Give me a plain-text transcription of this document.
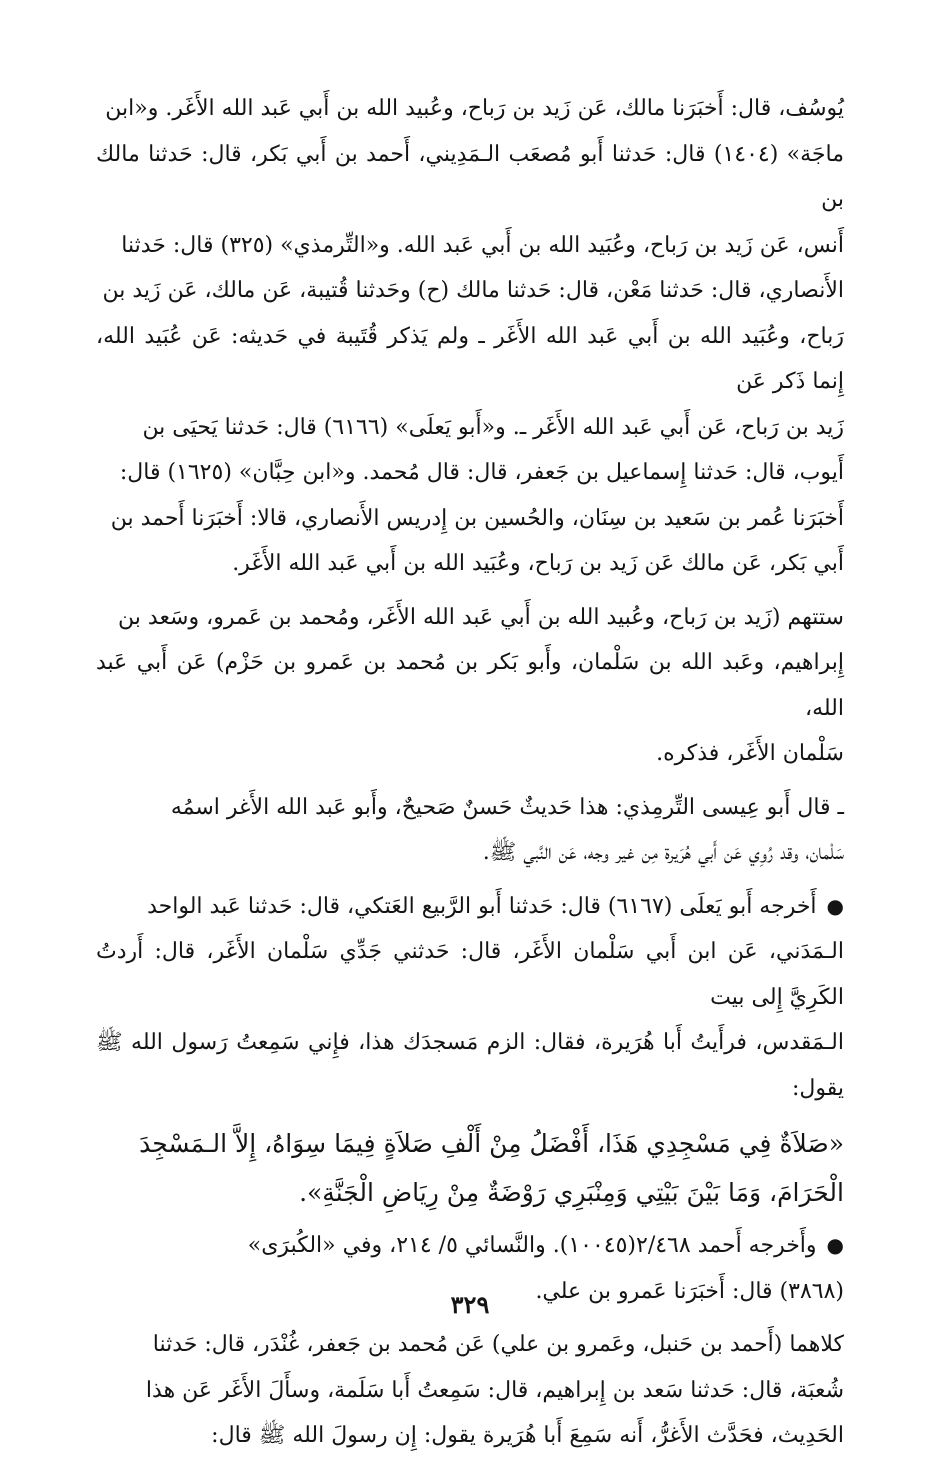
يُوسُف، قال: أَخبَرَنا مالك، عَن زَيد بن رَباح، وعُبيد الله بن أَبي عَبد الله الأَغَر. و«ابن
ماجَة» (١٤٠٤) قال: حَدثنا أَبو مُصعَب الـمَدِيني، أَحمد بن أَبي بَكر، قال: حَدثنا مالك بن
أَنس، عَن زَيد بن رَباح، وعُبَيد الله بن أَبي عَبد الله. و«التِّرمذي» (٣٢٥) قال: حَدثنا
الأَنصاري، قال: حَدثنا مَعْن، قال: حَدثنا مالك (ح) وحَدثنا قُتيبة، عَن مالك، عَن زَيد بن
رَباح، وعُبَيد الله بن أَبي عَبد الله الأَغَر ـ ولم يَذكر قُتَيبة في حَديثه: عَن عُبَيد الله، إِنما ذَكر عَن
زَيد بن رَباح، عَن أَبي عَبد الله الأَغَر ـ. و«أَبو يَعلَى» (٦١٦٦) قال: حَدثنا يَحيَى بن
أَيوب، قال: حَدثنا إِسماعيل بن جَعفر، قال: قال مُحمد. و«ابن حِبَّان» (١٦٢٥) قال:
أَخبَرَنا عُمر بن سَعيد بن سِنَان، والحُسين بن إِدريس الأَنصاري، قالا: أَخبَرَنا أَحمد بن
أَبي بَكر، عَن مالك عَن زَيد بن رَباح، وعُبَيد الله بن أَبي عَبد الله الأَغَر.

ستتهم (زَيد بن رَباح، وعُبيد الله بن أَبي عَبد الله الأَغَر، ومُحمد بن عَمرو، وسَعد بن
إِبراهيم، وعَبد الله بن سَلْمان، وأَبو بَكر بن مُحمد بن عَمرو بن حَزْم) عَن أَبي عَبد الله،
سَلْمان الأَغَر، فذكره.

ـ قال أَبو عِيسى التِّرمِذي: هذا حَديثٌ حَسنٌ صَحيحٌ، وأَبو عَبد الله الأَغر اسمُه
سَلْمان، وقد رُوِي عَن أَبي هُرَيرة مِن غير وجه، عَن النَّبي ﷺ.

●أَخرجه أَبو يَعلَى (٦١٦٧) قال: حَدثنا أَبو الرَّبيع العَتكي، قال: حَدثنا عَبد الواحد
الـمَدَني، عَن ابن أَبي سَلْمان الأَغَر، قال: حَدثني جَدِّي سَلْمان الأَغَر، قال: أَردتُ الكَرِيَّ إِلى بيت
الـمَقدس، فرأَيتُ أَبا هُرَيرة، فقال: الزم مَسجدَك هذا، فإِني سَمِعتُ رَسول الله ﷺ يقول:

«صَلاَةٌ فِي مَسْجِدِي هَذَا، أَفْضَلُ مِنْ أَلْفِ صَلاَةٍ فِيمَا سِوَاهُ، إِلاَّ الـمَسْجِدَ
الْحَرَامَ، وَمَا بَيْنَ بَيْتِي وَمِنْبَرِي رَوْضَةٌ مِنْ رِيَاضِ الْجَنَّةِ».

●وأَخرجه أَحمد ٢/٤٦٨(١٠٠٤٥). والنَّسائي ٥/ ٢١٤، وفي «الكُبرَى»
(٣٨٦٨) قال: أَخبَرَنا عَمرو بن علي.

كلاهما (أَحمد بن حَنبل، وعَمرو بن علي) عَن مُحمد بن جَعفر، غُنْدَر، قال: حَدثنا
شُعبَة، قال: حَدثنا سَعد بن إِبراهيم، قال: سَمِعتُ أَبا سَلَمة، وسأَلَ الأَغَر عَن هذا
الحَدِيث، فحَدَّث الأَغرُّ، أَنه سَمِعَ أَبا هُرَيرة يقول: إِن رسولَ الله ﷺ قال:

٣٢٩
